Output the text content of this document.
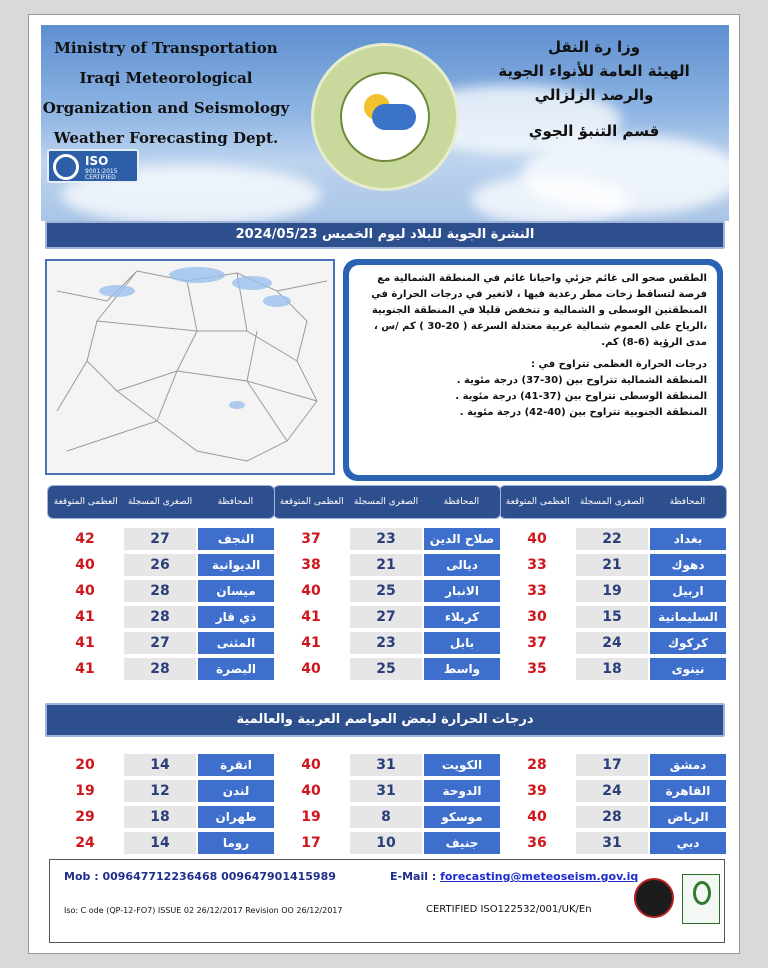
Ministry of Transportation
Iraqi Meteorological
Organization and Seismology
Weather Forecasting Dept.
ISO
9001:2015 CERTIFIED
وزا رة النقل
الهيئة العامة للأنواء الجوية
والرصد الزلزالي
قسم التنبؤ الجوي
النشرة الجوية للبلاد ليوم الخميس 2024/05/23

الطقس صحو الى غائم جزئي واحيانا غائم في المنطقة الشمالية مع فرصة لتساقط زخات مطر رعدية فيها ، لاتغير في درجات الحرارة في المنطقتين الوسطى و الشمالية و تنخفض قليلا في المنطقة الجنوبية ،الرياح على العموم شمالية غربية معتدلة السرعة ( 20-30 ) كم /س ، مدى الرؤية (6-8) كم.

درجات الحرارة العظمى تتراوح في :

المنطقة الشمالية تتراوح بين (30-37) درجة مئوية .

المنطقة الوسطى تتراوح بين (37-41) درجة مئوية .

المنطقة الجنوبية تتراوح بين (40-42) درجة مئوية .

العظمى المتوقعة	الصغرى المسجلة	المحافظة
40	22	بغداد
33	21	دهوك
33	19	اربيل
30	15	السليمانية
37	24	كركوك
35	18	نينوى
العظمى المتوقعة	الصغرى المسجلة	المحافظة
37	23	صلاح الدين
38	21	ديالى
40	25	الانبار
41	27	كربلاء
41	23	بابل
40	25	واسط
العظمى المتوقعة	الصغرى المسجلة	المحافظة
42	27	النجف
40	26	الديوانية
40	28	ميسان
41	28	ذي قار
41	27	المثنى
41	28	البصرة
درجات الحرارة لبعض العواصم العربية والعالمية
28	17	دمشق
39	24	القاهرة
40	28	الرياض
36	31	دبي
40	31	الكويت
40	31	الدوحة
19	8	موسكو
17	10	جنيف
20	14	انقرة
19	12	لندن
29	18	طهران
24	14	روما
Mob : 009647712236468 009647901415989	E-Mail : forecasting@meteoseism.gov.iq
Iso: C ode (QP-12-FO7) ISSUE 02 26/12/2017 Revision OO 26/12/2017	CERTIFIED ISO122532/001/UK/En
